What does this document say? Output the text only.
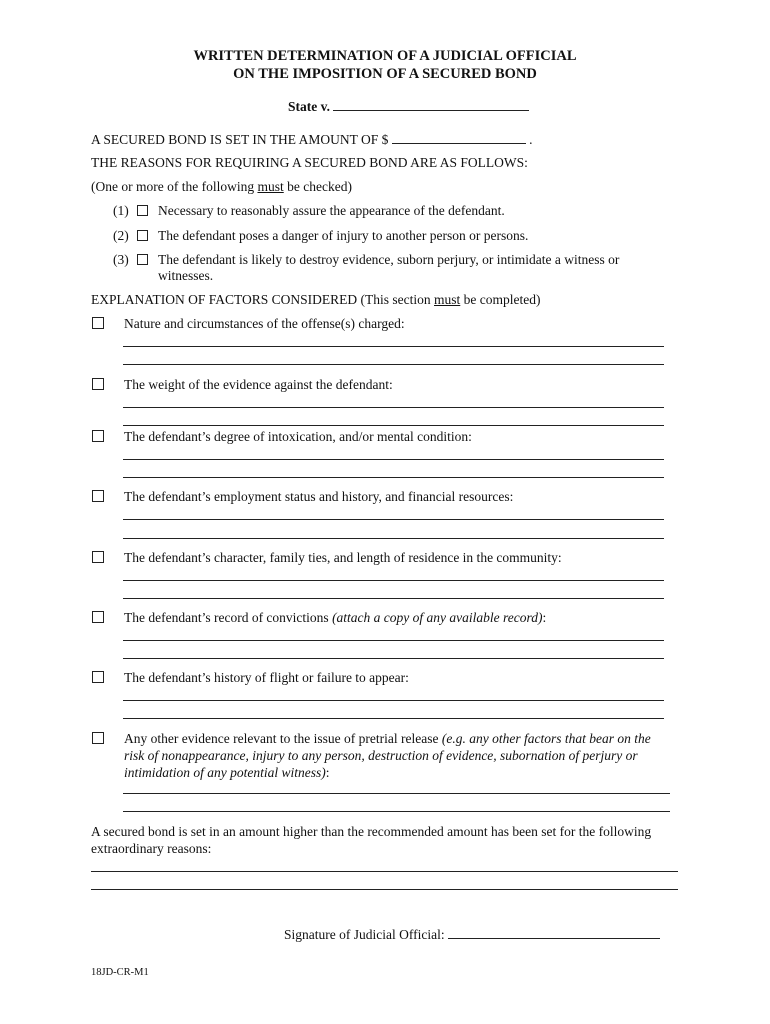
WRITTEN DETERMINATION OF A JUDICIAL OFFICIAL
ON THE IMPOSITION OF A SECURED BOND
State v.
A SECURED BOND IS SET IN THE AMOUNT OF $	.
THE REASONS FOR REQUIRING A SECURED BOND ARE AS FOLLOWS:
(One or more of the following must be checked)
(1) Necessary to reasonably assure the appearance of the defendant.
(2) The defendant poses a danger of injury to another person or persons.
(3) The defendant is likely to destroy evidence, suborn perjury, or intimidate a witness or
witnesses.
EXPLANATION OF FACTORS CONSIDERED (This section must be completed)
Nature and circumstances of the offense(s) charged:
The weight of the evidence against the defendant:
The defendant’s degree of intoxication, and/or mental condition:
The defendant’s employment status and history, and financial resources:
The defendant’s character, family ties, and length of residence in the community:
The defendant’s record of convictions (attach a copy of any available record):
The defendant’s history of flight or failure to appear:
Any other evidence relevant to the issue of pretrial release (e.g. any other factors that bear on the
risk of nonappearance, injury to any person, destruction of evidence, subornation of perjury or
intimidation of any potential witness):
A secured bond is set in an amount higher than the recommended amount has been set for the following
extraordinary reasons:
Signature of Judicial Official:
18JD-CR-M1
